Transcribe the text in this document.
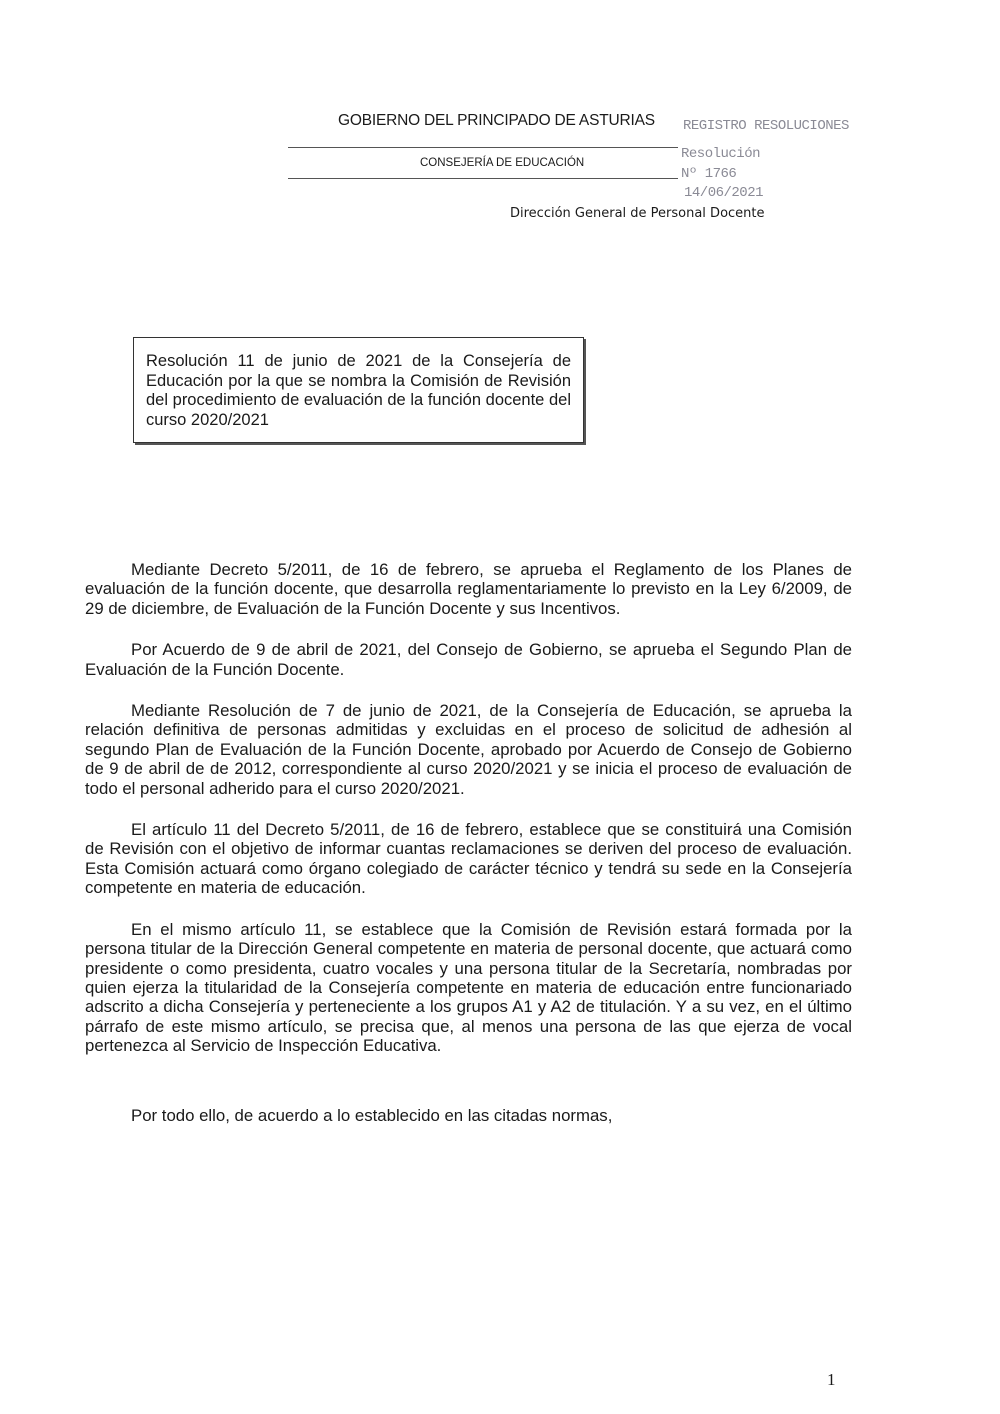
GOBIERNO DEL PRINCIPADO DE ASTURIAS REGISTRO RESOLUCIONES
Resolución
CONSEJERÍA DE EDUCACIÓN
Nº 1766
14/06/2021
Dirección General de Personal Docente
Resolución 11 de junio de 2021 de la Consejería de Educación por la que se nombra la Comisión de Revisión del procedimiento de evaluación de la función docente del curso 2020/2021

Mediante Decreto 5/2011, de 16 de febrero, se aprueba el Reglamento de los Planes de evaluación de la función docente, que desarrolla reglamentariamente lo previsto en la Ley 6/2009, de 29 de diciembre, de Evaluación de la Función Docente y sus Incentivos.

Por Acuerdo de 9 de abril de 2021, del Consejo de Gobierno, se aprueba el Segundo Plan de Evaluación de la Función Docente.

Mediante Resolución de 7 de junio de 2021, de la Consejería de Educación, se aprueba la relación definitiva de personas admitidas y excluidas en el proceso de solicitud de adhesión al segundo Plan de Evaluación de la Función Docente, aprobado por Acuerdo de Consejo de Gobierno de 9 de abril de de 2012, correspondiente al curso 2020/2021 y se inicia el proceso de evaluación de todo el personal adherido para el curso 2020/2021.

El artículo 11 del Decreto 5/2011, de 16 de febrero, establece que se constituirá una Comisión de Revisión con el objetivo de informar cuantas reclamaciones se deriven del proceso de evaluación. Esta Comisión actuará como órgano colegiado de carácter técnico y tendrá su sede en la Consejería competente en materia de educación.

En el mismo artículo 11, se establece que la Comisión de Revisión estará formada por la persona titular de la Dirección General competente en materia de personal docente, que actuará como presidente o como presidenta, cuatro vocales y una persona titular de la Secretaría, nombradas por quien ejerza la titularidad de la Consejería competente en materia de educación entre funcionariado adscrito a dicha Consejería y perteneciente a los grupos A1 y A2 de titulación. Y a su vez, en el último párrafo de este mismo artículo, se precisa que, al menos una persona de las que ejerza de vocal pertenezca al Servicio de Inspección Educativa.

Por todo ello, de acuerdo a lo establecido en las citadas normas,

1
